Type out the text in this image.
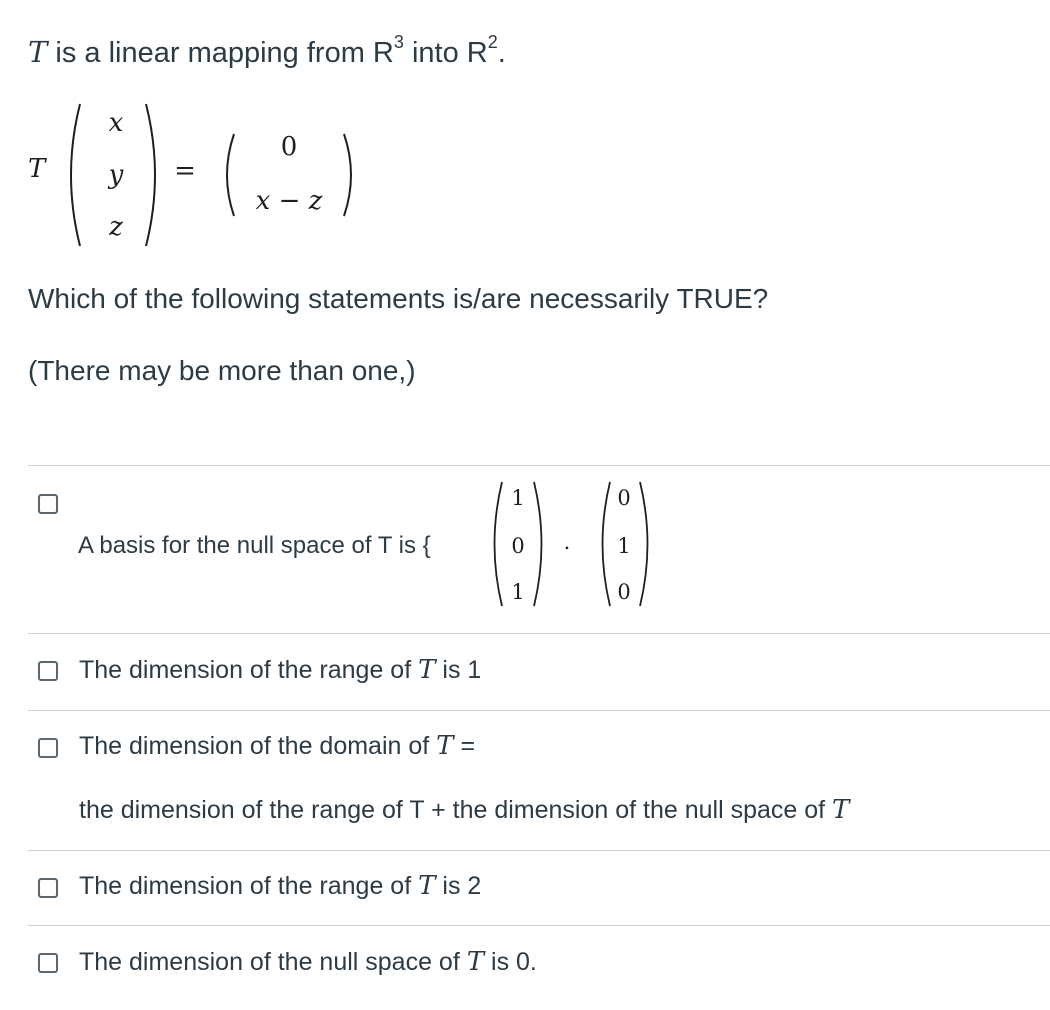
T is a linear mapping from $R^3$ into $R^2$.
T
x
y
z
=
0
x − z
Which of the following statements is/are necessarily TRUE?
(There may be more than one,)
A basis for the null space of T is {
1
0
1
.
0
1
0
The dimension of the range of T is 1
The dimension of the domain of T =
the dimension of the range of T + the dimension of the null space of T
The dimension of the range of T is 2
The dimension of the null space of T is 0.
